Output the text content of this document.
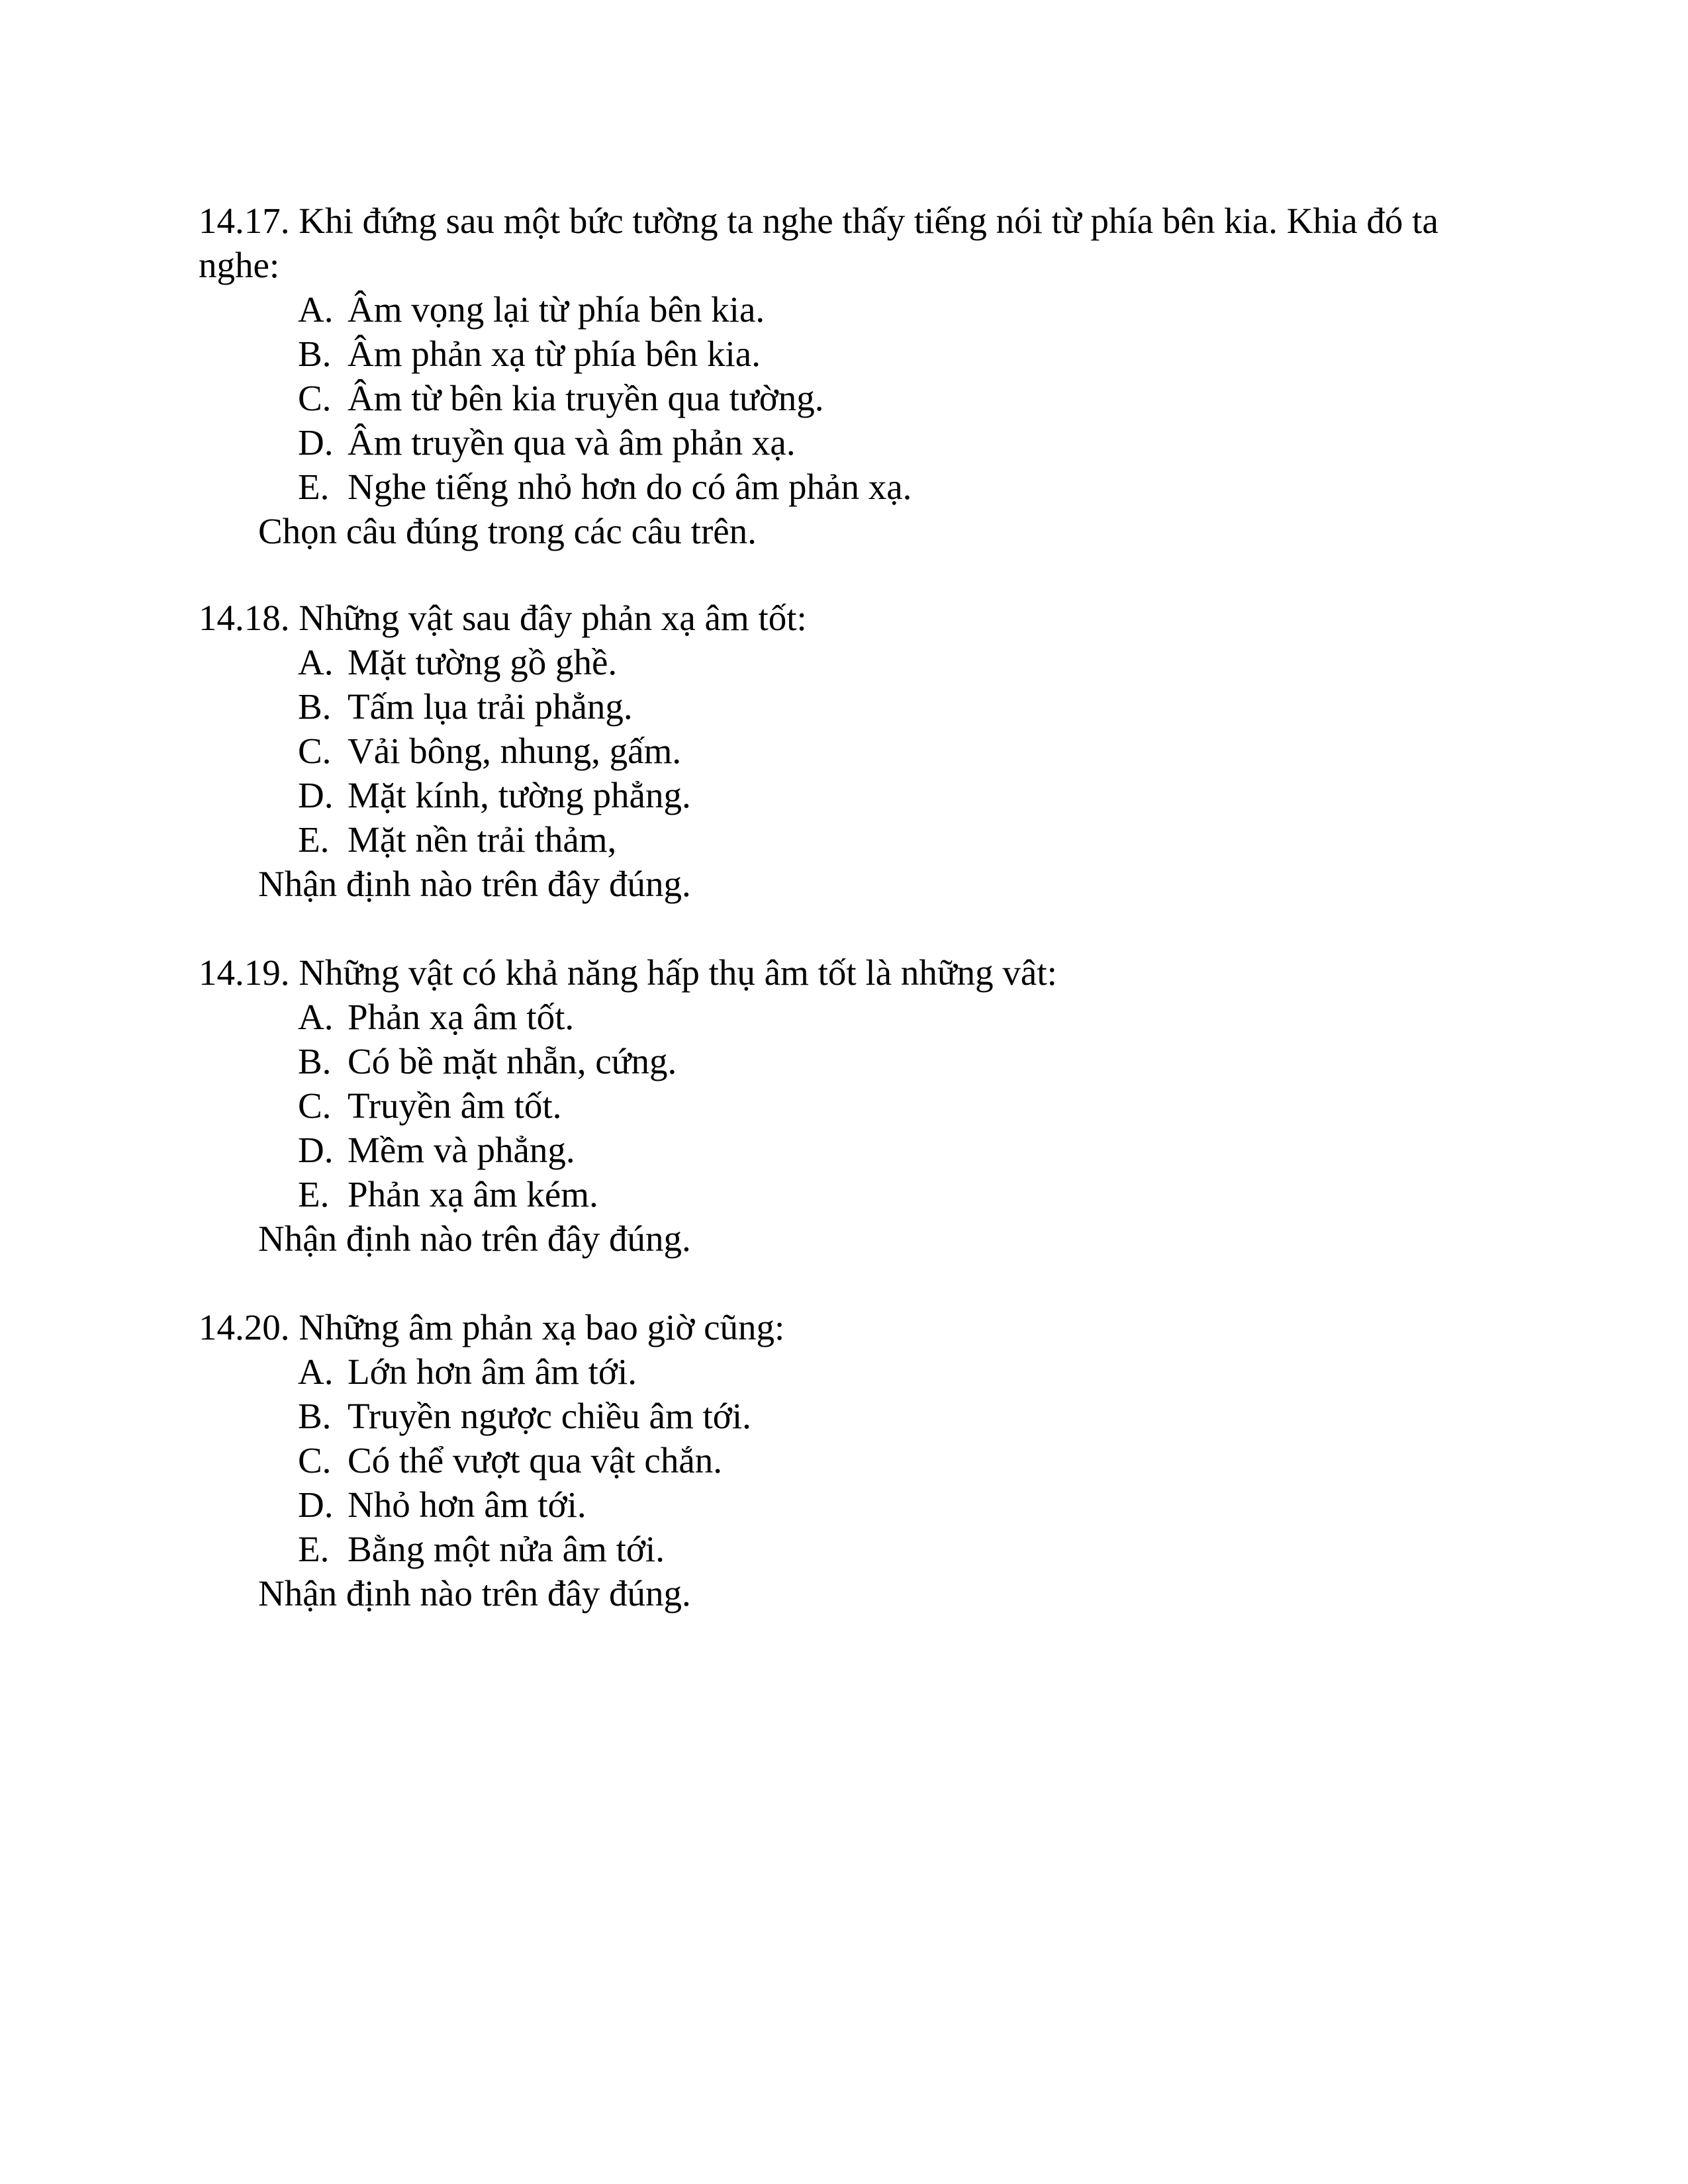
14.17. Khi đứng sau một bức tường ta nghe thấy tiếng nói từ phía bên kia. Khia đó ta nghe:

A. Âm vọng lại từ phía bên kia.
B. Âm phản xạ từ phía bên kia.
C. Âm từ bên kia truyền qua tường.
D. Âm truyền qua và âm phản xạ.
E. Nghe tiếng nhỏ hơn do có âm phản xạ.

Chọn câu đúng trong các câu trên.

14.18. Những vật sau đây phản xạ âm tốt:

A. Mặt tường gồ ghề.
B. Tấm lụa trải phẳng.
C. Vải bông, nhung, gấm.
D. Mặt kính, tường phẳng.
E. Mặt nền trải thảm,

Nhận định nào trên đây đúng.

14.19. Những vật có khả năng hấp thụ âm tốt là những vât:

A. Phản xạ âm tốt.
B. Có bề mặt nhẵn, cứng.
C. Truyền âm tốt.
D. Mềm và phẳng.
E. Phản xạ âm kém.

Nhận định nào trên đây đúng.

14.20. Những âm phản xạ bao giờ cũng:

A. Lớn hơn âm âm tới.
B. Truyền ngược chiều âm tới.
C. Có thể vượt qua vật chắn.
D. Nhỏ hơn âm tới.
E. Bằng một nửa âm tới.

Nhận định nào trên đây đúng.
